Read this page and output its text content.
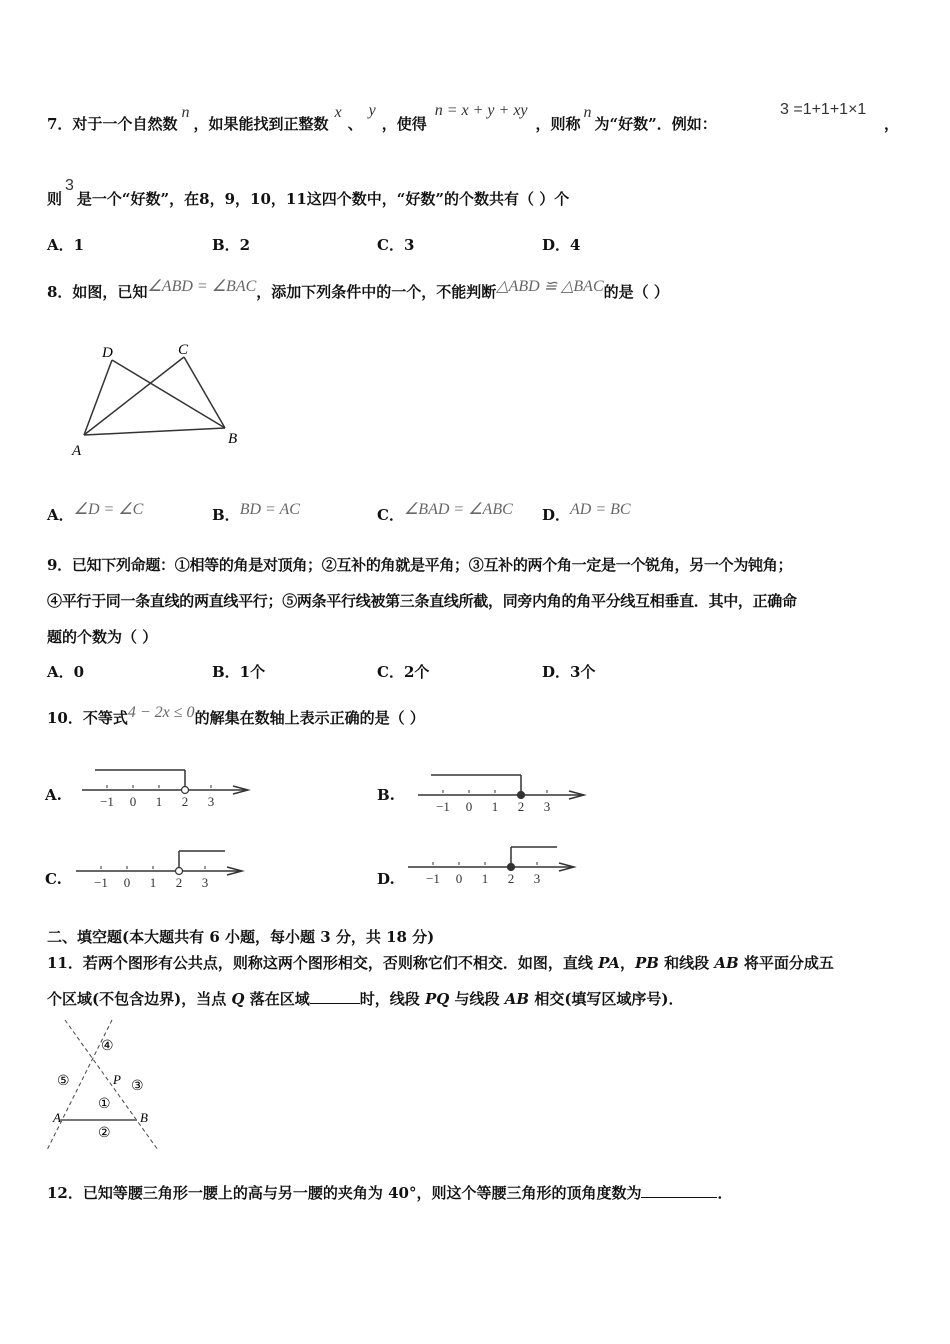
7．对于一个自然数n，如果能找到正整数x、y，使得n = x + y + xy，则称n为“好数”．例如：
3 =1+1+1×1
，
则3是一个“好数”，在8，9，10，11这四个数中，“好数”的个数共有（ ）个
A．1	B．2	C．3	D．4
8．如图，已知∠ABD = ∠BAC，添加下列条件中的一个，不能判断△ABD ≌ △BAC的是（ ）
D	C
A
B
A．∠D = ∠C	B．BD = AC	C．∠BAD = ∠ABC D．AD = BC
9．已知下列命题：①相等的角是对顶角；②互补的角就是平角；③互补的两个角一定是一个锐角，另一个为钝角；
④平行于同一条直线的两直线平行；⑤两条平行线被第三条直线所截，同旁内角的角平分线互相垂直．其中，正确命
题的个数为（ ）
A．0	B．1个	C．2个	D．3个
10．不等式4 − 2x ≤ 0的解集在数轴上表示正确的是（ ）
A.	B.
C.	D.
−1 0 1 2 3	−1 0 1 2 3
−1 0 1 2 3	−1 0 1 2 3
二、填空题(本大题共有 6 小题，每小题 3 分，共 18 分)
11．若两个图形有公共点，则称这两个图形相交，否则称它们不相交．如图，直线 PA，PB 和线段 AB 将平面分成五
个区域(不包含边界)，当点 Q 落在区域	时，线段 PQ 与线段 AB 相交(填写区域序号)．
④
⑤	P ③
①
A	B
②
12．已知等腰三角形一腰上的高与另一腰的夹角为 40°，则这个等腰三角形的顶角度数为	．
